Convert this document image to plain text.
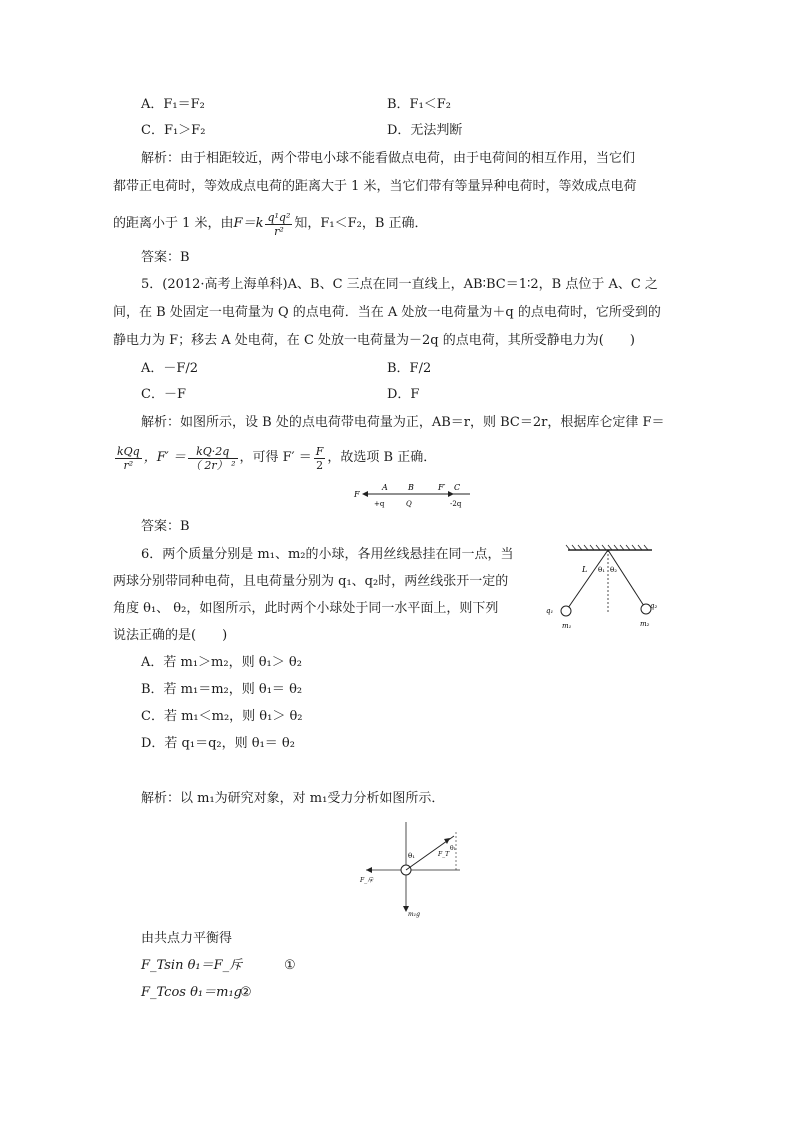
A．F₁＝F₂	B．F₁＜F₂
C．F₁＞F₂	D．无法判断
解析：由于相距较近，两个带电小球不能看做点电荷，由于电荷间的相互作用，当它们
都带正电荷时，等效成点电荷的距离大于 1 米，当它们带有等量异种电荷时，等效成点电荷
的距离小于 1 米，由 $F=k \frac{\text{q¹q²}}{\text{r²}}$ 知，F₁＜F₂，B 正确．
答案：B
5．(2012·高考上海单科)A、B、C 三点在同一直线上，AB∶BC＝1∶2，B 点位于 A、C 之
间，在 B 处固定一电荷量为 Q 的点电荷．当在 A 处放一电荷量为＋q 的点电荷时，它所受到的
静电力为 F；移去 A 处电荷，在 C 处放一电荷量为－2q 的点电荷，其所受静电力为(　　)
A．－F/2	B．F/2
C．－F	D．F
解析：如图所示，设 B 处的点电荷带电荷量为正，AB＝r，则 BC＝2r，根据库仑定律 F＝
$\frac{\text{kQq}}{\text{r²}}$ ，$F' = \frac{kQ\cdot 2q}{\text{（ 2r） ²}}$ ，可得 $F' = \frac{F}{2}$ ，故选项 B 正确．
F
A	B	F′ C
+q	Q	-2q
答案：B
6．两个质量分别是 m₁、m₂的小球，各用丝线悬挂在同一点，当
两球分别带同种电荷，且电荷量分别为 q₁、q₂时，两丝线张开一定的
角度 θ₁、 θ₂，如图所示，此时两个小球处于同一水平面上，则下列
说法正确的是(　　)
L θ₁ θ₂
q₁
q₂
m₁	m₂
A．若 m₁＞m₂，则 θ₁＞ θ₂
B．若 m₁＝m₂，则 θ₁＝ θ₂
C．若 m₁＜m₂，则 θ₁＞ θ₂
D．若 q₁＝q₂，则 θ₁＝ θ₂
解析：以 m₁为研究对象，对 m₁受力分析如图所示．
θ₁
θ₁
F_T
F_斥
m₁g
由共点力平衡得
F_Tsin θ₁＝F_斥	①
F_Tcos θ₁＝m₁g
②
